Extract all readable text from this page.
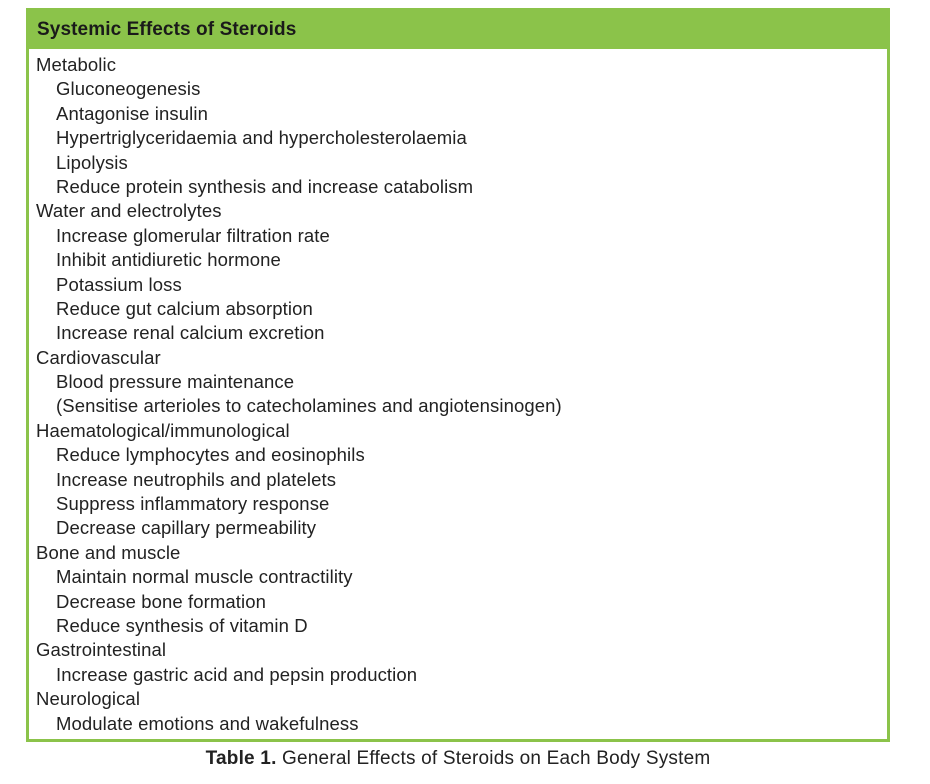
Systemic Effects of Steroids
Metabolic
Gluconeogenesis
Antagonise insulin
Hypertriglyceridaemia and hypercholesterolaemia
Lipolysis
Reduce protein synthesis and increase catabolism
Water and electrolytes
Increase glomerular filtration rate
Inhibit antidiuretic hormone
Potassium loss
Reduce gut calcium absorption
Increase renal calcium excretion
Cardiovascular
Blood pressure maintenance
(Sensitise arterioles to catecholamines and angiotensinogen)
Haematological/immunological
Reduce lymphocytes and eosinophils
Increase neutrophils and platelets
Suppress inflammatory response
Decrease capillary permeability
Bone and muscle
Maintain normal muscle contractility
Decrease bone formation
Reduce synthesis of vitamin D
Gastrointestinal
Increase gastric acid and pepsin production
Neurological
Modulate emotions and wakefulness
Table 1. General Effects of Steroids on Each Body System
